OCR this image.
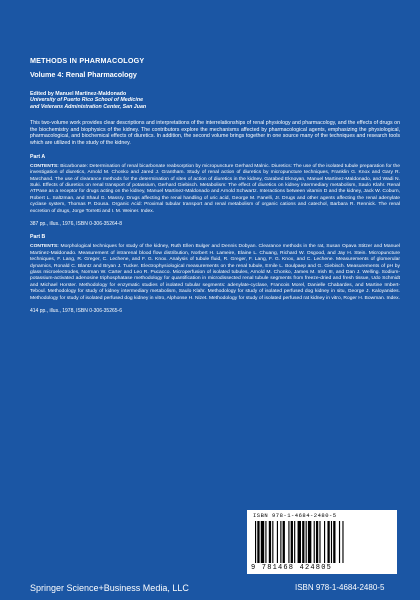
METHODS IN PHARMACOLOGY

Volume 4: Renal Pharmacology

Edited by Manuel Martinez-Maldonado
University of Puerto Rico School of Medicine
and Veterans Administration Center, San Juan
This two-volume work provides clear descriptions and interpretations of the interrelationships of renal physiology and pharmacology, and the effects of drugs on the biochemistry and biophysics of the kidney. The contributors explore the mechanisms affected by pharmacological agents, emphasizing the physiological, pharmacological, and biochemical effects of diuretics. In addition, the second volume brings together in one source many of the techniques and research tools which are utilized in the study of the kidney.
Part A
CONTENTS: Bicarbonate: Determination of renal bicarbonate reabsorption by micropuncture Gerhard Malnic. Diuretics: The use of the isolated tubule preparation for the investigation of diuretics, Arnold M. Chonko and Jared J. Grantham. Study of renal action of diuretics by micropuncture techniques, Franklin G. Knox and Gary R. Marchand. The use of clearance methods for the determination of sites of action of diuretics in the kidney, Garabed Eknoyan, Manuel Martinez-Maldonado, and Wadi N. Suki. Effects of diuretics on renal transport of potassium, Gerhard Giebisch. Metabolism: The effect of diuretics on kidney intermediary metabolism, Saulo Klahr. Renal ATPase as a receptor for drugs acting on the kidney, Manuel Martinez-Maldonado and Arnold Schwartz. Interactions between vitamin D and the kidney, Jack W. Coburn, Robert L. Saltzman, and Shaul G. Massry. Drugs affecting the renal handling of uric acid, George M. Fanelli, Jr. Drugs and other agents affecting the renal adenylate cyclase system, Thomas P. Dousa. Organic Acid: Proximal tubular transport and renal metabolism of organic cations and catechol, Barbara R. Rennick. The renal excretion of drugs, Jorge Torretti and I. M. Weiner. Index.
387 pp., illus., 1976, ISBN 0-306-35264-8
Part B
CONTENTS: Morphological techniques for study of the kidney, Ruth Ellen Bulger and Dennis Dobyan. Clearance methods in the rat, Susan Opava Stitzer and Manuel Martinez-Maldonado. Measurement of intrarenal blood flow distribution, Norbert H. Lameire, Elaine L. Chuang, Richard W. Osgood, and Jay H. Stein. Micropuncture techniques, F. Lang, R. Greger, C. Lechene, and F. G. Knox. Analysis of tubule fluid, R. Greger, F. Lang, F. G. Knox, and C. Lechene. Measurements of glomerular dynamics, Ronald C. Blantz and Bryan J. Tucker. Electrophysiological measurements on the renal tubule, Emile L. Boulpaep and G. Giebisch. Measurements of pH by glass microelectrodes, Norman W. Carter and Leo R. Pucacco. Microperfusion of isolated tubules, Arnold M. Chonko, James M. Irish III, and Dan J. Welling. Sodium-potassium-activated adenosine triphosphatase methodology for quantification in microdissected renal tubule segments from freeze-dried and fresh tissue, Udo Schmidt and Michael Horster. Methodology for enzymatic studies of isolated tubular segments: adenylate-cyclase, Francois Morel, Danielle Chabardes, and Martine Imbert-Teboul. Methodology for study of kidney intermediary metabolism, Saulo Klahr. Methodology for study of isolated perfused dog kidney in situ, George J. Kaloyanides. Methodology for study of isolated perfused dog kidney in vitro, Alphonse H. Nizet. Methodology for study of isolated perfused rat kidney in vitro, Roger H. Bowman. Index.
414 pp., illus., 1978, ISBN 0-306-35265-6
ISBN 978-1-4684-2480-5
9 781468 424805
Springer Science+Business Media, LLC	ISBN 978-1-4684-2480-5
